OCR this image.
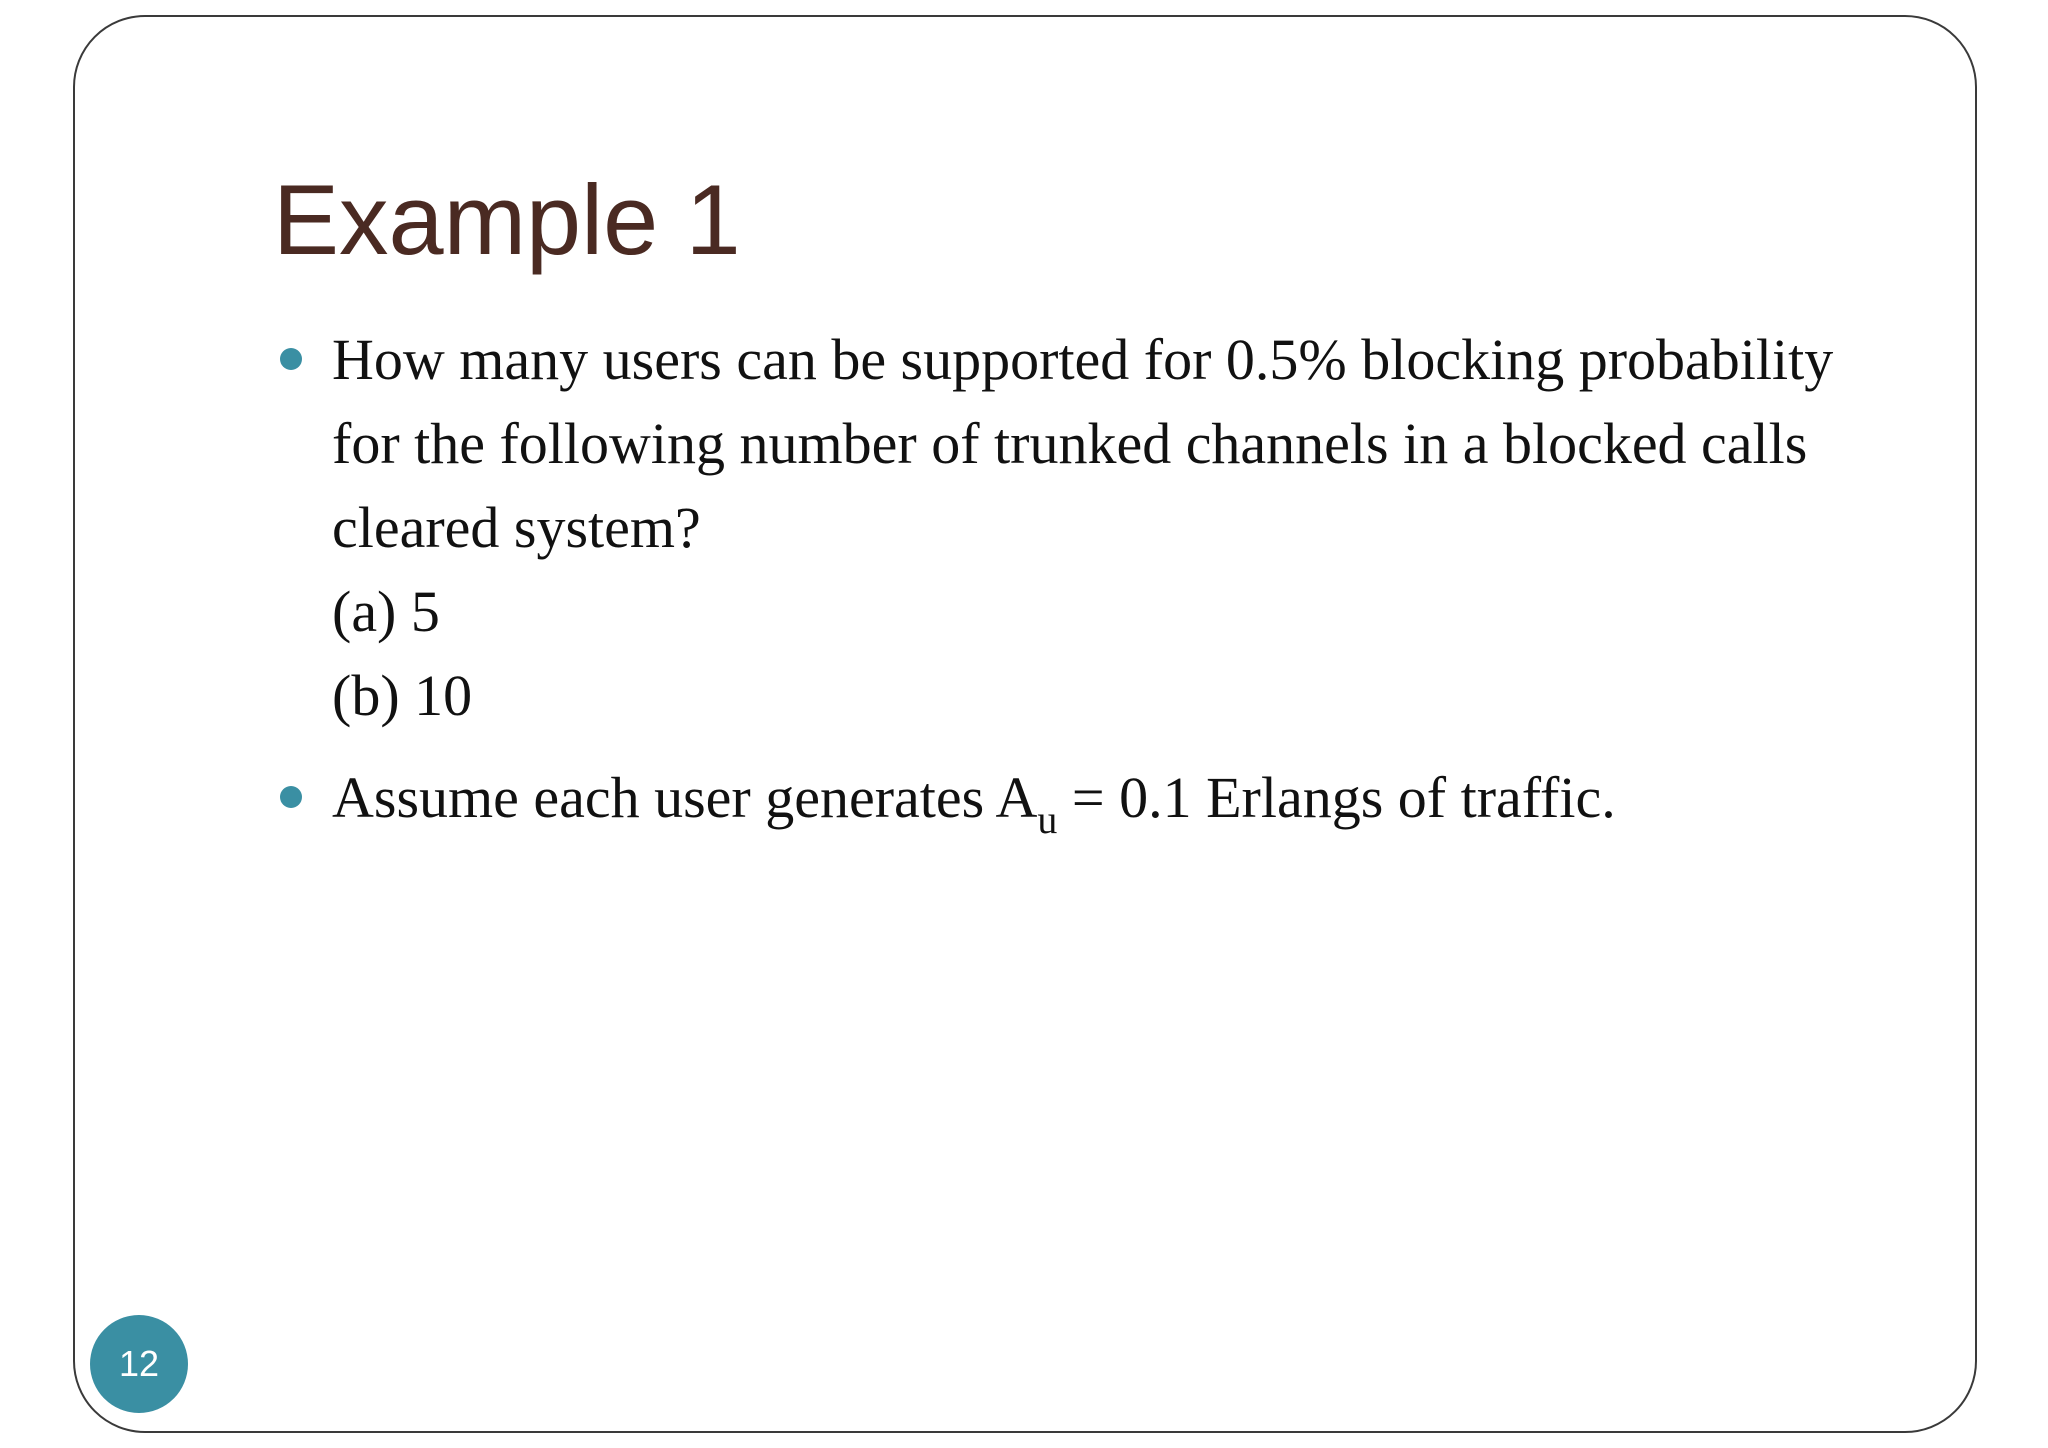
Example 1
How many users can be supported for 0.5% blocking probability for the following number of trunked channels in a blocked calls cleared system?
(a) 5
(b) 10
Assume each user generates $A_u = 0.1$ Erlangs of traffic.
12
